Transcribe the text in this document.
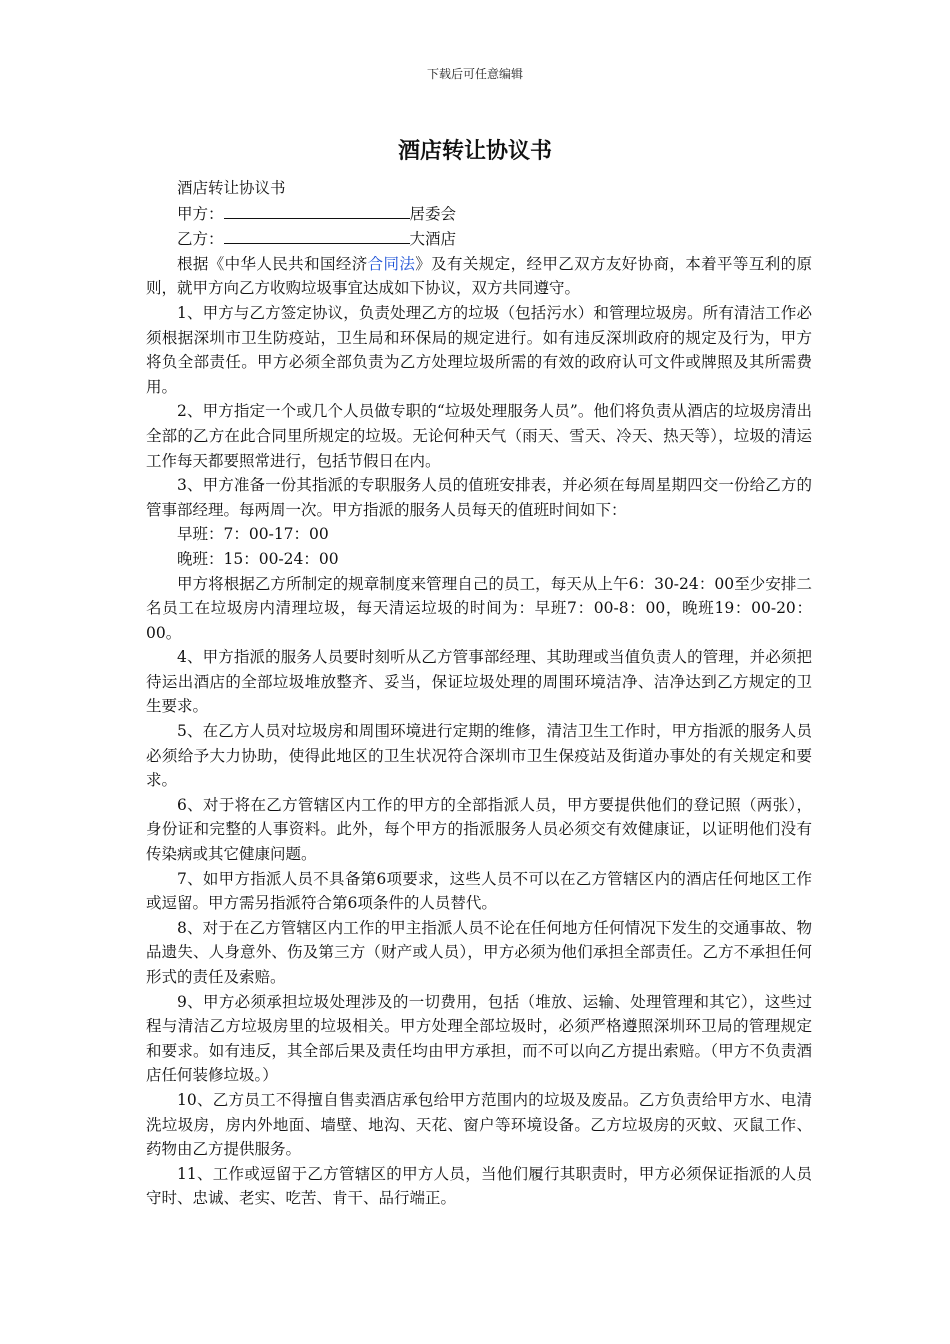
下载后可任意编辑
酒店转让协议书

酒店转让协议书

甲方：	居委会

乙方：	大酒店

根据《中华人民共和国经济合同法》及有关规定，经甲乙双方友好协商，本着平等互利的原则，就甲方向乙方收购垃圾事宜达成如下协议，双方共同遵守。

1、甲方与乙方签定协议，负责处理乙方的垃圾（包括污水）和管理垃圾房。所有清洁工作必须根据深圳市卫生防疫站，卫生局和环保局的规定进行。如有违反深圳政府的规定及行为，甲方将负全部责任。甲方必须全部负责为乙方处理垃圾所需的有效的政府认可文件或牌照及其所需费用。

2、甲方指定一个或几个人员做专职的“垃圾处理服务人员”。他们将负责从酒店的垃圾房清出全部的乙方在此合同里所规定的垃圾。无论何种天气（雨天、雪天、冷天、热天等），垃圾的清运工作每天都要照常进行，包括节假日在内。

3、甲方准备一份其指派的专职服务人员的值班安排表，并必须在每周星期四交一份给乙方的管事部经理。每两周一次。甲方指派的服务人员每天的值班时间如下：

早班：7：00-17：00

晚班：15：00-24：00

甲方将根据乙方所制定的规章制度来管理自己的员工，每天从上午6：30-24：00至少安排二名员工在垃圾房内清理垃圾，每天清运垃圾的时间为：早班7：00-8：00，晚班19：00-20：00。

4、甲方指派的服务人员要时刻听从乙方管事部经理、其助理或当值负责人的管理，并必须把待运出酒店的全部垃圾堆放整齐、妥当，保证垃圾处理的周围环境洁净、洁净达到乙方规定的卫生要求。

5、在乙方人员对垃圾房和周围环境进行定期的维修，清洁卫生工作时，甲方指派的服务人员必须给予大力协助，使得此地区的卫生状况符合深圳市卫生保疫站及街道办事处的有关规定和要求。

6、对于将在乙方管辖区内工作的甲方的全部指派人员，甲方要提供他们的登记照（两张），身份证和完整的人事资料。此外，每个甲方的指派服务人员必须交有效健康证，以证明他们没有传染病或其它健康问题。

7、如甲方指派人员不具备第6项要求，这些人员不可以在乙方管辖区内的酒店任何地区工作或逗留。甲方需另指派符合第6项条件的人员替代。

8、对于在乙方管辖区内工作的甲主指派人员不论在任何地方任何情况下发生的交通事故、物品遗失、人身意外、伤及第三方（财产或人员），甲方必须为他们承担全部责任。乙方不承担任何形式的责任及索赔。

9、甲方必须承担垃圾处理涉及的一切费用，包括（堆放、运输、处理管理和其它），这些过程与清洁乙方垃圾房里的垃圾相关。甲方处理全部垃圾时，必须严格遵照深圳环卫局的管理规定和要求。如有违反，其全部后果及责任均由甲方承担，而不可以向乙方提出索赔。（甲方不负责酒店任何装修垃圾。）

10、乙方员工不得擅自售卖酒店承包给甲方范围内的垃圾及废品。乙方负责给甲方水、电清洗垃圾房，房内外地面、墙壁、地沟、天花、窗户等环境设备。乙方垃圾房的灭蚊、灭鼠工作、药物由乙方提供服务。

11、工作或逗留于乙方管辖区的甲方人员，当他们履行其职责时，甲方必须保证指派的人员守时、忠诚、老实、吃苦、肯干、品行端正。
